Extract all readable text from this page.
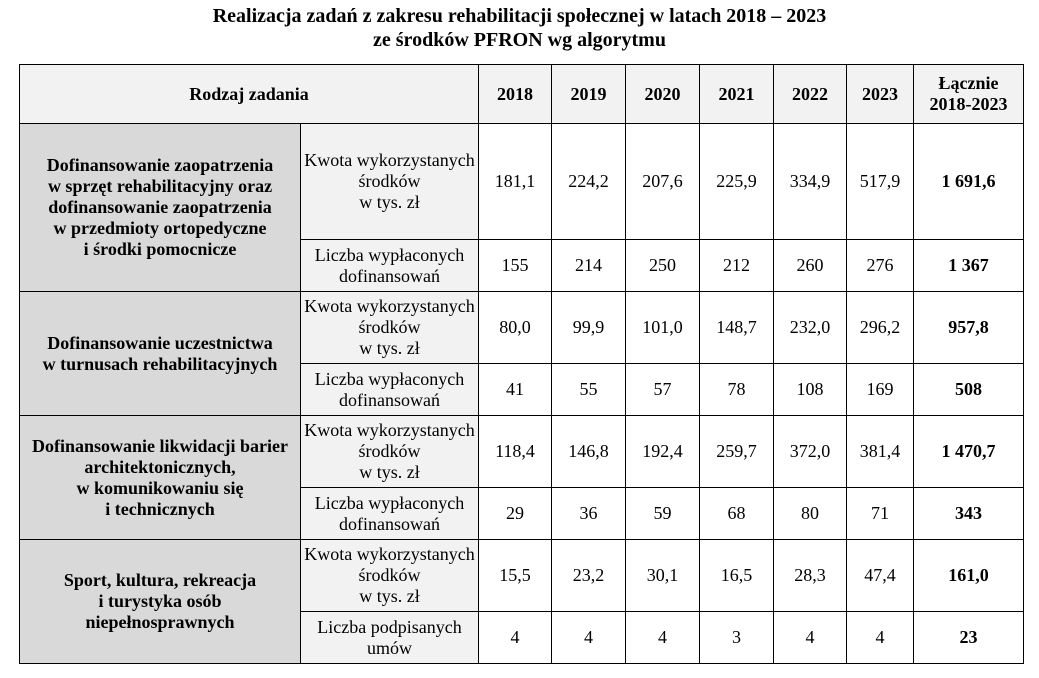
Realizacja zadań z zakresu rehabilitacji społecznej w latach 2018 – 2023
ze środków PFRON wg algorytmu
Rodzaj zadania		2018	2019	2020	2021	2022	2023	Łącznie
2018-2023

Dofinansowanie zaopatrzenia
w sprzęt rehabilitacyjny oraz
dofinansowanie zaopatrzenia
w przedmioty ortopedyczne
i środki pomocnicze	Kwota wykorzystanych
środków
w tys. zł	181,1	224,2	207,6	225,9	334,9	517,9	1 691,6

	Liczba wypłaconych
dofinansowań	155	214	250	212	260	276	1 367

Dofinansowanie uczestnictwa
w turnusach rehabilitacyjnych	Kwota wykorzystanych
środków
w tys. zł	80,0	99,9	101,0	148,7	232,0	296,2	957,8

	Liczba wypłaconych
dofinansowań	41	55	57	78	108	169	508

Dofinansowanie likwidacji barier
architektonicznych,
w komunikowaniu się
i technicznych	Kwota wykorzystanych
środków
w tys. zł	118,4	146,8	192,4	259,7	372,0	381,4	1 470,7

	Liczba wypłaconych
dofinansowań	29	36	59	68	80	71	343

Sport, kultura, rekreacja
i turystyka osób
niepełnosprawnych	Kwota wykorzystanych
środków
w tys. zł	15,5	23,2	30,1	16,5	28,3	47,4	161,0

	Liczba podpisanych
umów	4	4	4	3	4	4	23
